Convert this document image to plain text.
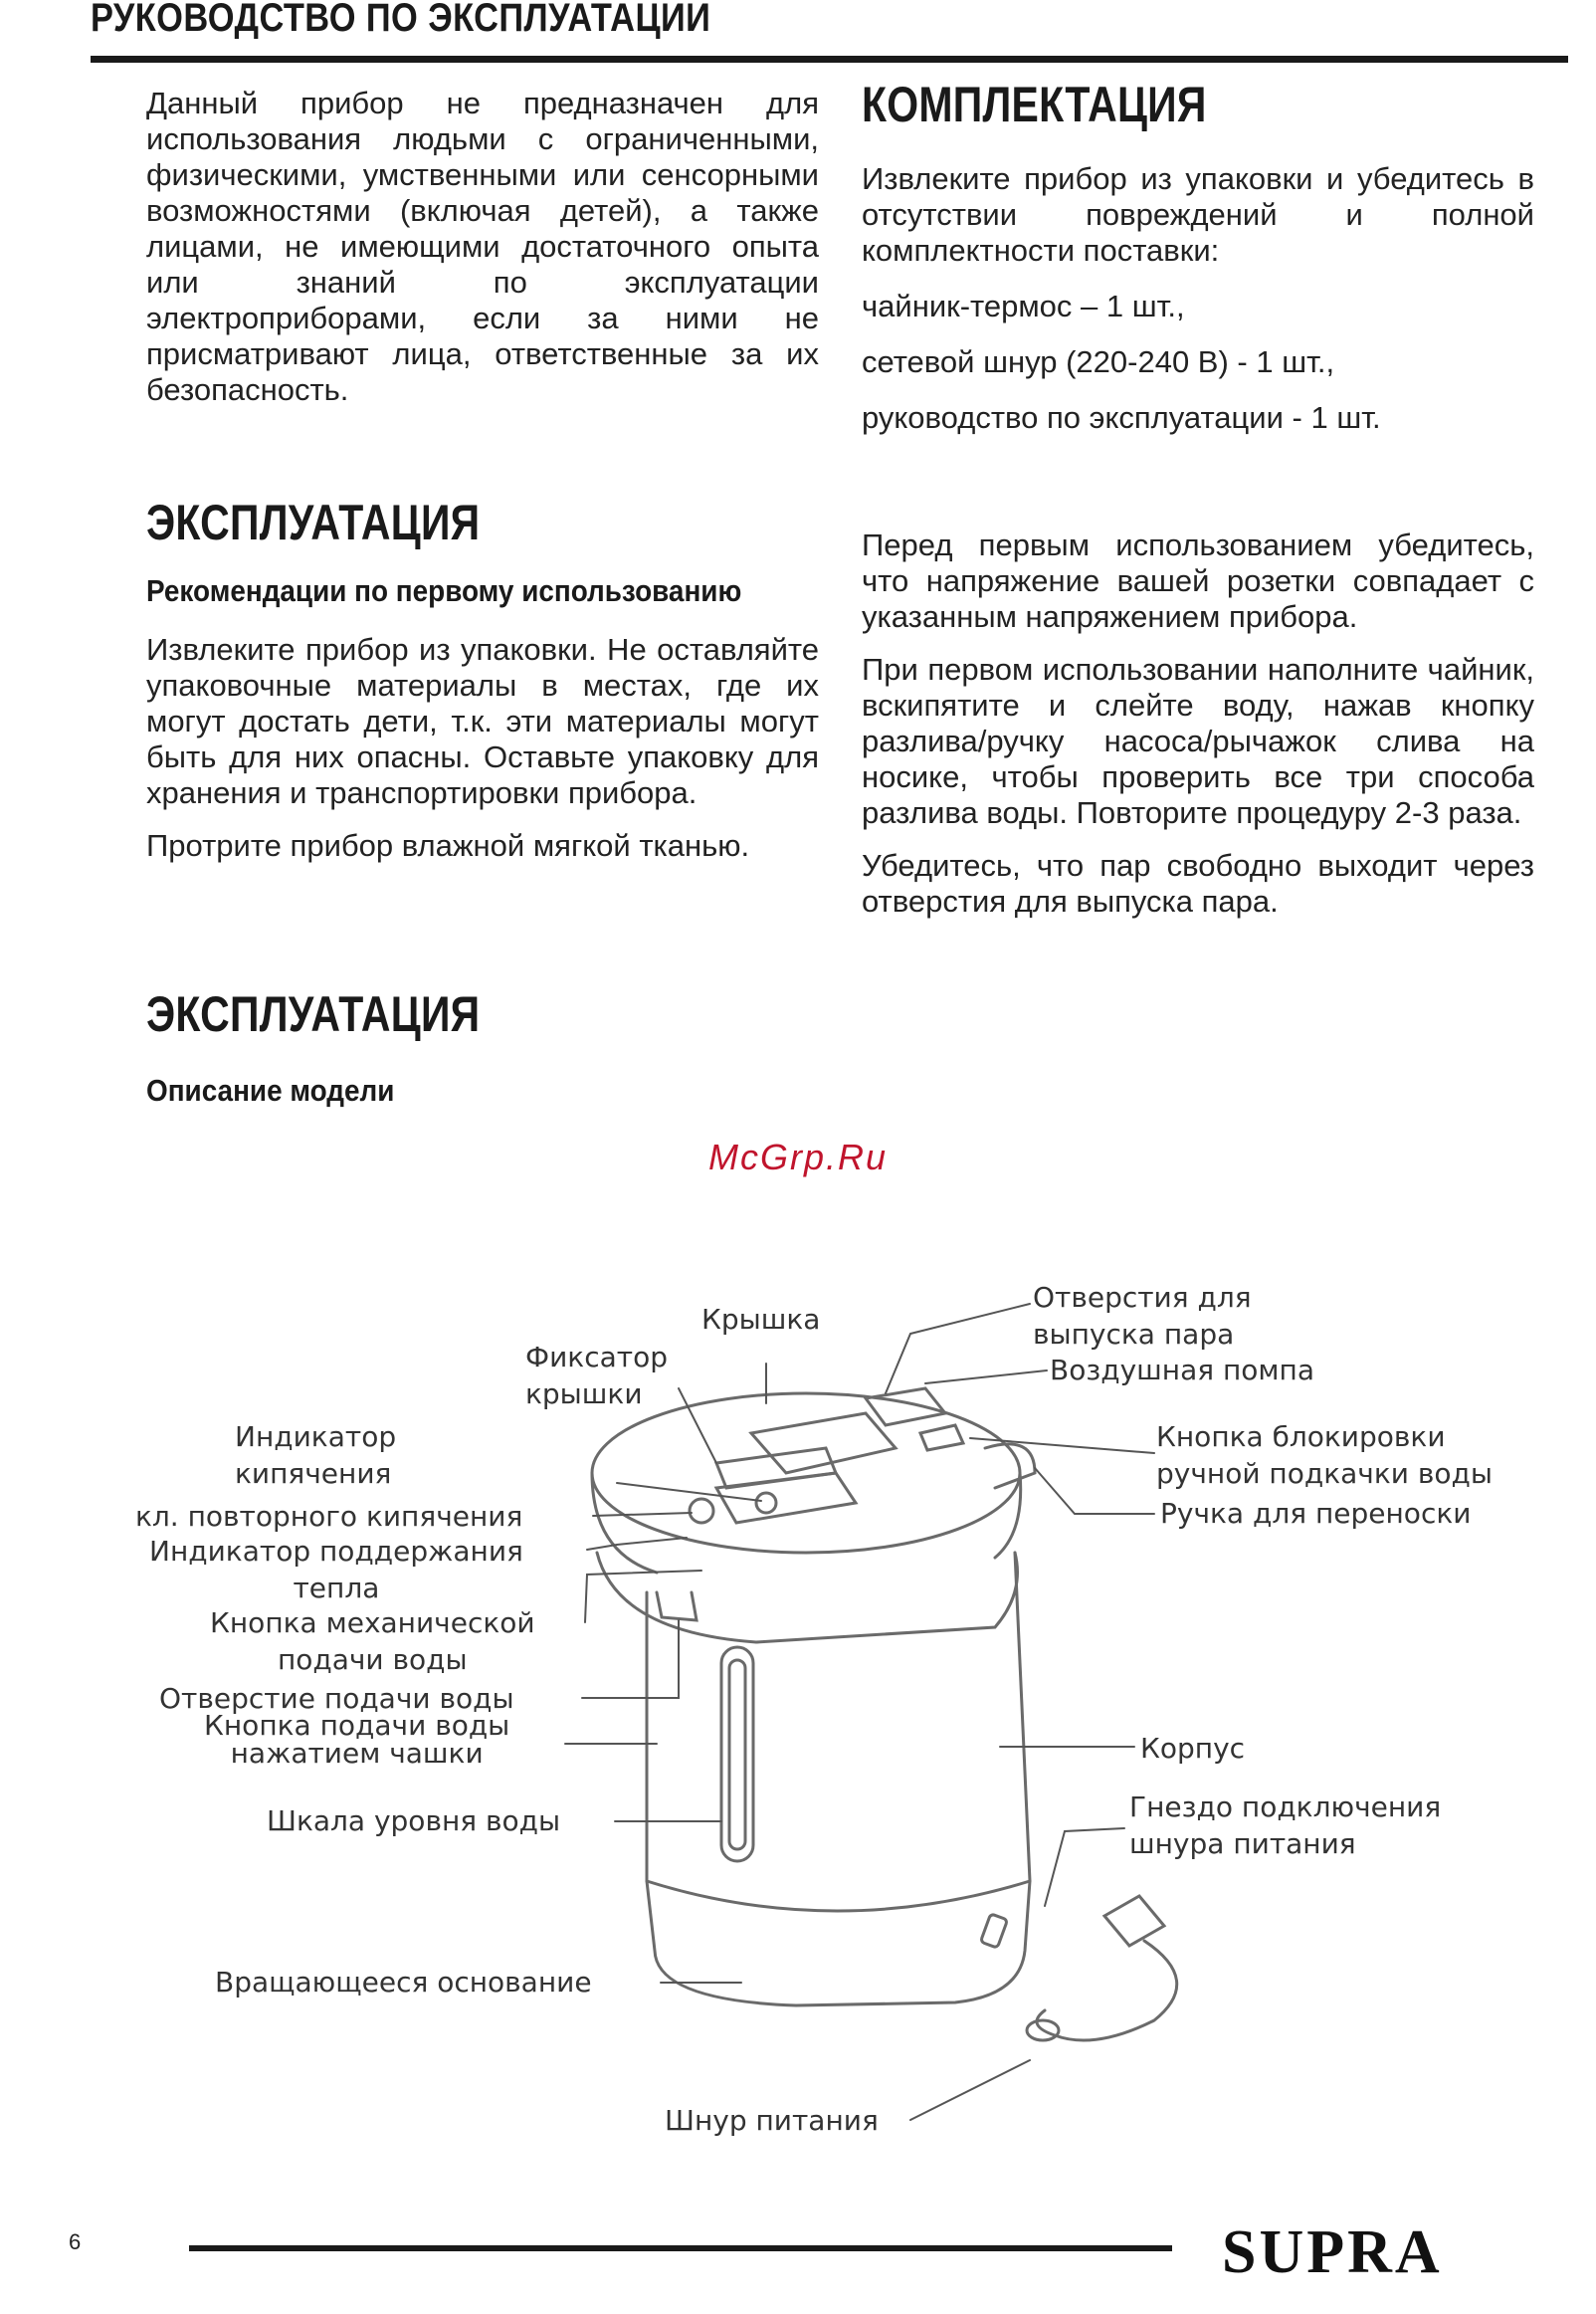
РУКОВОДСТВО ПО ЭКСПЛУАТАЦИИ

Данный прибор не предназначен для использования людьми с ограниченными, физическими, умственными или сенсорными возможностями (включая детей), а также лицами, не имеющими достаточного опыта или знаний по эксплуатации электроприборами, если за ними не присматривают лица, ответственные за их безопасность.

КОМПЛЕКТАЦИЯ

Извлеките прибор из упаковки и убедитесь в отсутствии повреждений и полной комплектности поставки:

чайник-термос – 1 шт.,

сетевой шнур (220-240 В) - 1 шт.,

руководство по эксплуатации - 1 шт.

ЭКСПЛУАТАЦИЯ
Рекомендации по первому использованию

Извлеките прибор из упаковки. Не оставляйте упаковочные материалы в местах, где их могут достать дети, т.к. эти материалы могут быть для них опасны. Оставьте упаковку для хранения и транспортировки прибора.

Протрите прибор влажной мягкой тканью.

Перед первым использованием убедитесь, что напряжение вашей розетки совпадает с указанным напряжением прибора.

При первом использовании наполните чайник, вскипятите и слейте воду, нажав кнопку разлива/ручку насоса/рычажок слива на носике, чтобы проверить все три способа разлива воды. Повторите процедуру 2-3 раза.

Убедитесь, что пар свободно выходит через отверстия для выпуска пара.

ЭКСПЛУАТАЦИЯ
Описание модели
McGrp.Ru
Крышка
Фиксатор
крышки
Индикатор
кипячения
кл. повторного кипячения
Индикатор поддержания
тепла
Кнопка механической
подачи воды
Отверстие подачи воды
Кнопка подачи воды
нажатием чашки
Шкала уровня воды
Вращающееся основание
Шнур питания
Отверстия для
выпуска пара
Воздушная помпа
Кнопка блокировки
ручной подкачки воды
Ручка для переноски
Корпус
Гнездо подключения
шнура питания
6	SUPRA
